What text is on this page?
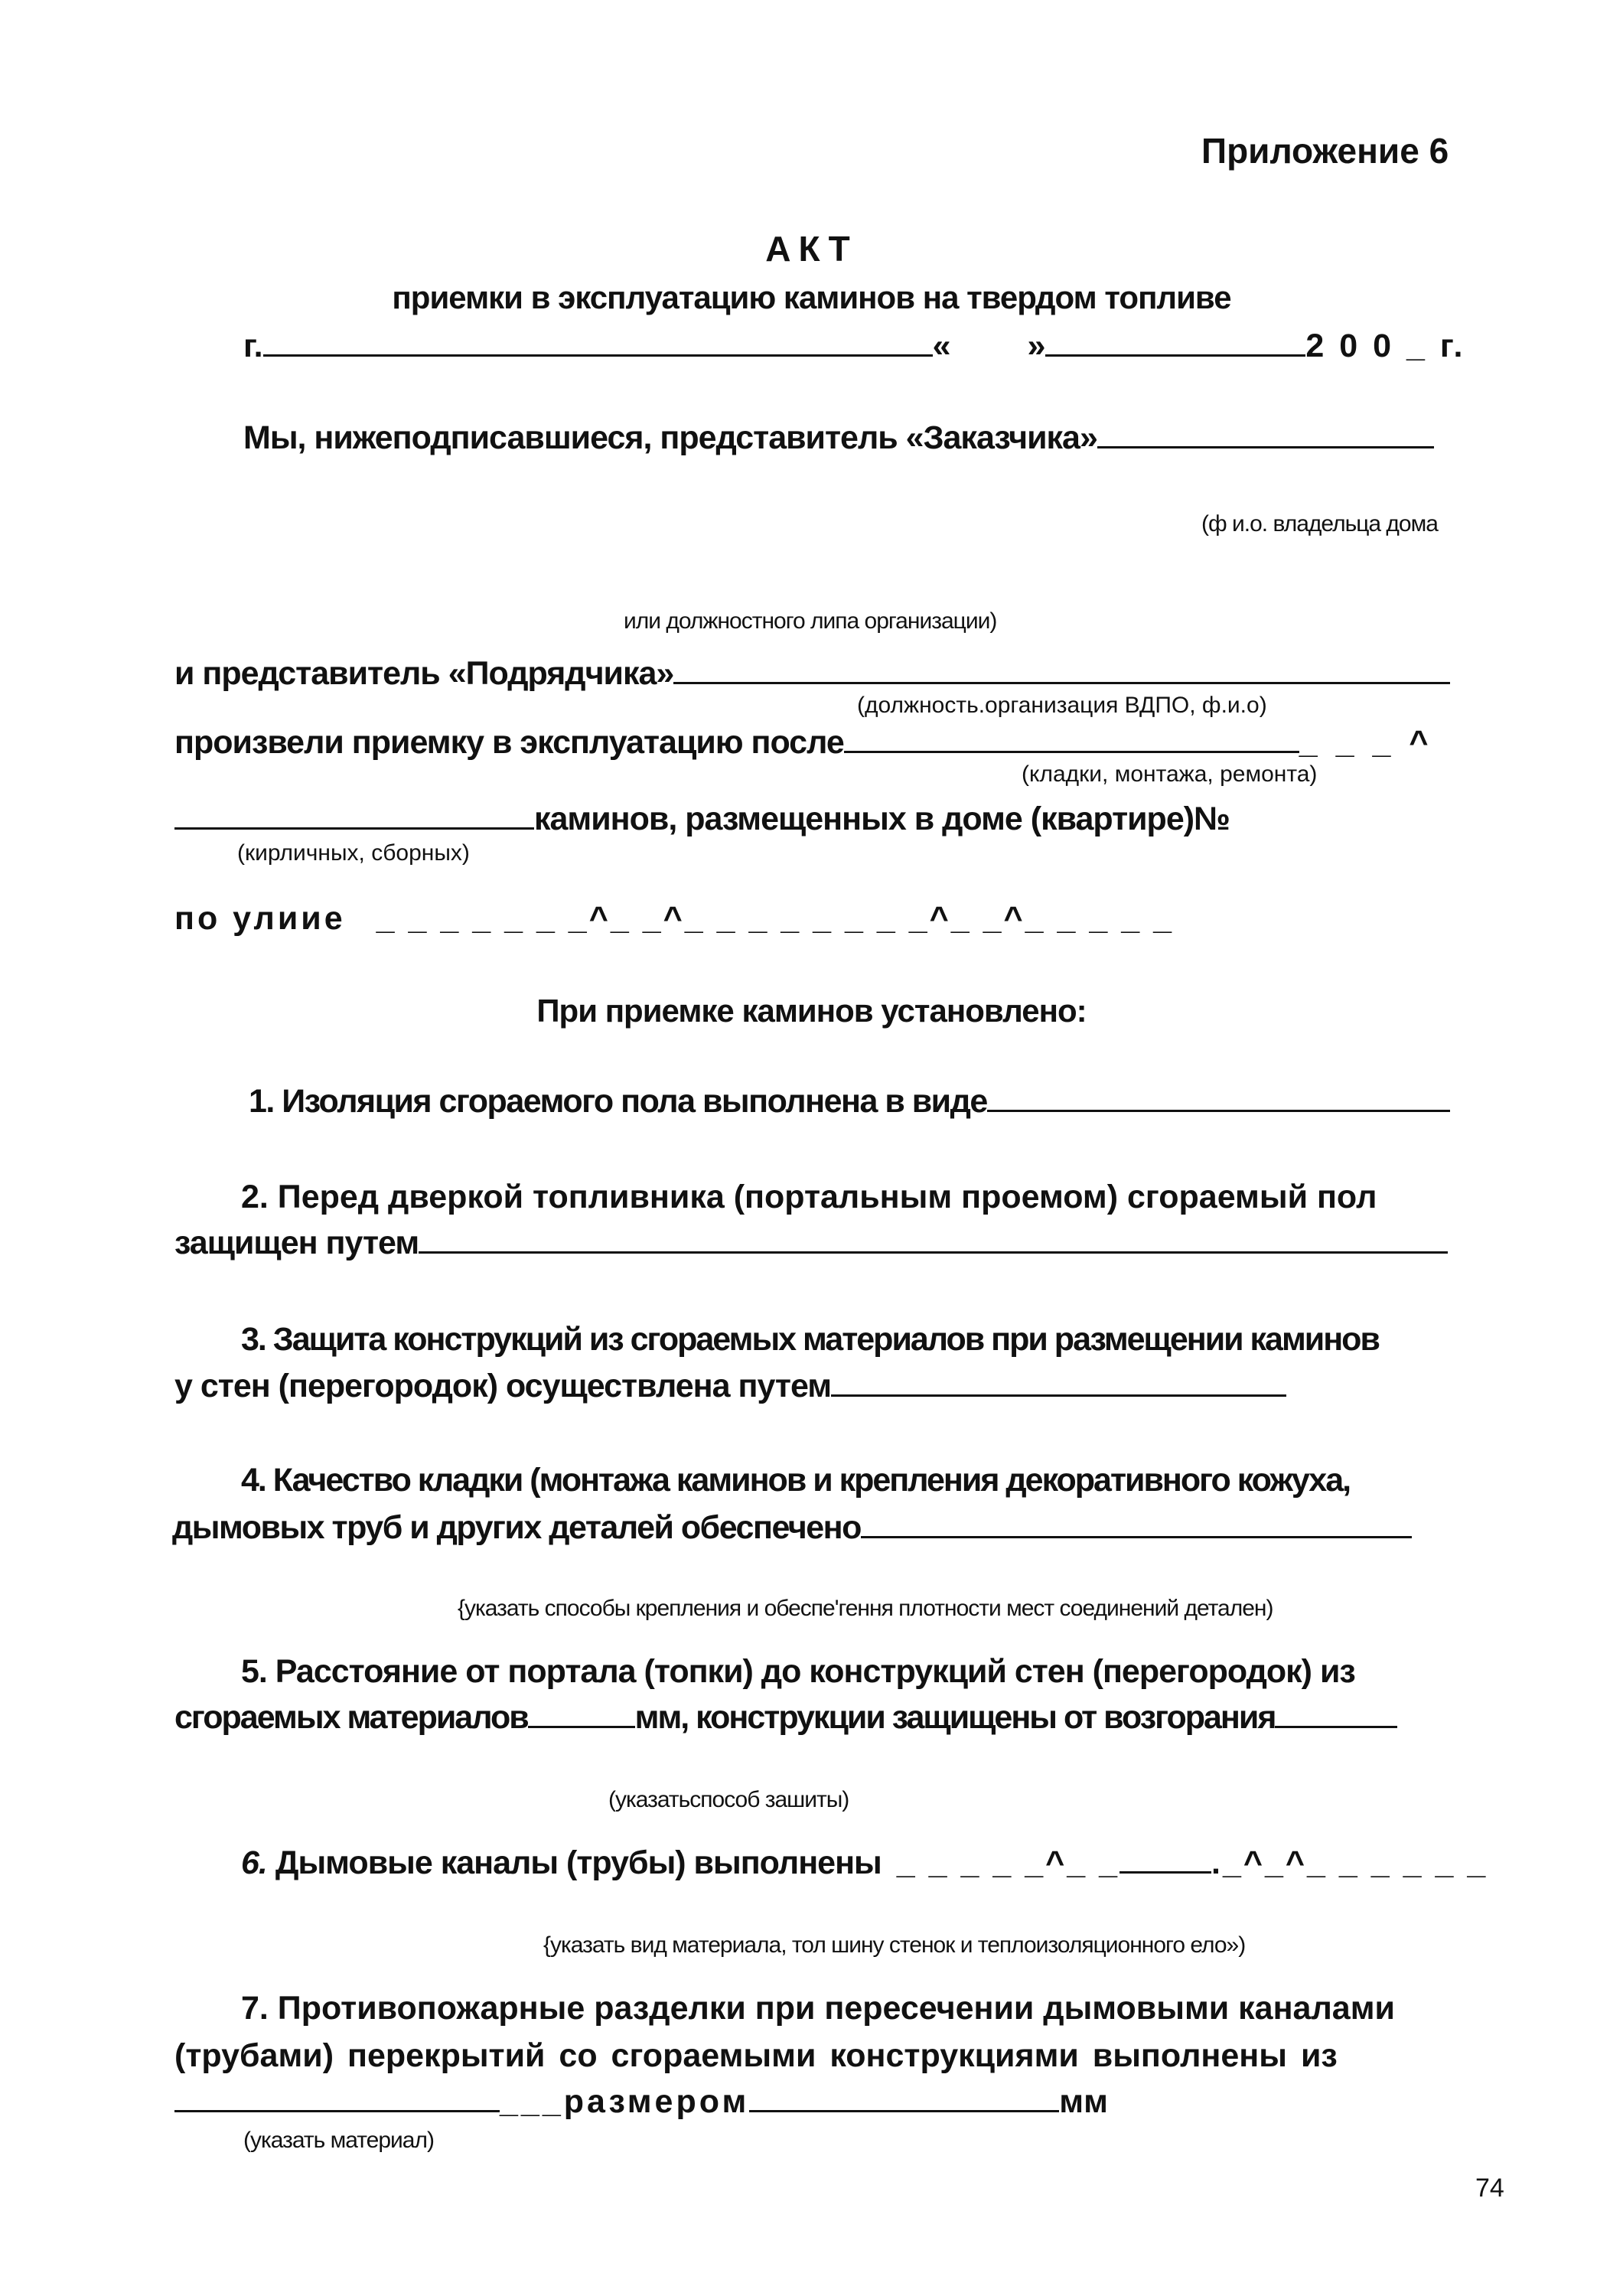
Приложение 6
АКТ
приемки в эксплуатацию каминов на твердом топливе
г.	« »	2 0 0 _ г.
Мы, нижеподписавшиеся, представитель «Заказчика»
(ф и.о. владельца дома
или должностного липа организации)
и представитель «Подрядчика»
(должность.организация ВДПО, ф.и.о)
произвели приемку в эксплуатацию после	_ _ _ ^
(кладки, монтажа, ремонта)
каминов, размещенных в доме (квартире)№
(кирличных, сборных)
по улиие _ _ _ _ _ _ _^_ _^_ _ _ _ _ _ _ _^_ _^_ _ _ _ _
При приемке каминов установлено:
1. Изоляция сгораемого пола выполнена в виде
2. Перед дверкой топливника (портальным проемом) сгораемый пол
защищен путем
3. Защита конструкций из сгораемых материалов при размещении каминов
у стен (перегородок) осуществлена путем
4. Качество кладки (монтажа каминов и крепления декоративного кожуха,
дымовых труб и других деталей обеспечено
{указать способы крепления и обеспе'гення плотности мест соединений детален)
5. Расстояние от портала (топки) до конструкций стен (перегородок) из
сгораемых материалов	мм, конструкции защищены от возгорания
(указатьспособ зашиты)
6. Дымовые каналы (трубы) выполнены _ _ _ _ _^_ _	._^_^_ _ _ _ _ _
{указать вид материала, тол шину стенок и теплоизоляционного ело»)
7. Противопожарные разделки при пересечении дымовыми каналами
(трубами) перекрытий со сгораемыми конструкциями выполнены из
___размером	мм
(указать материал)
74
